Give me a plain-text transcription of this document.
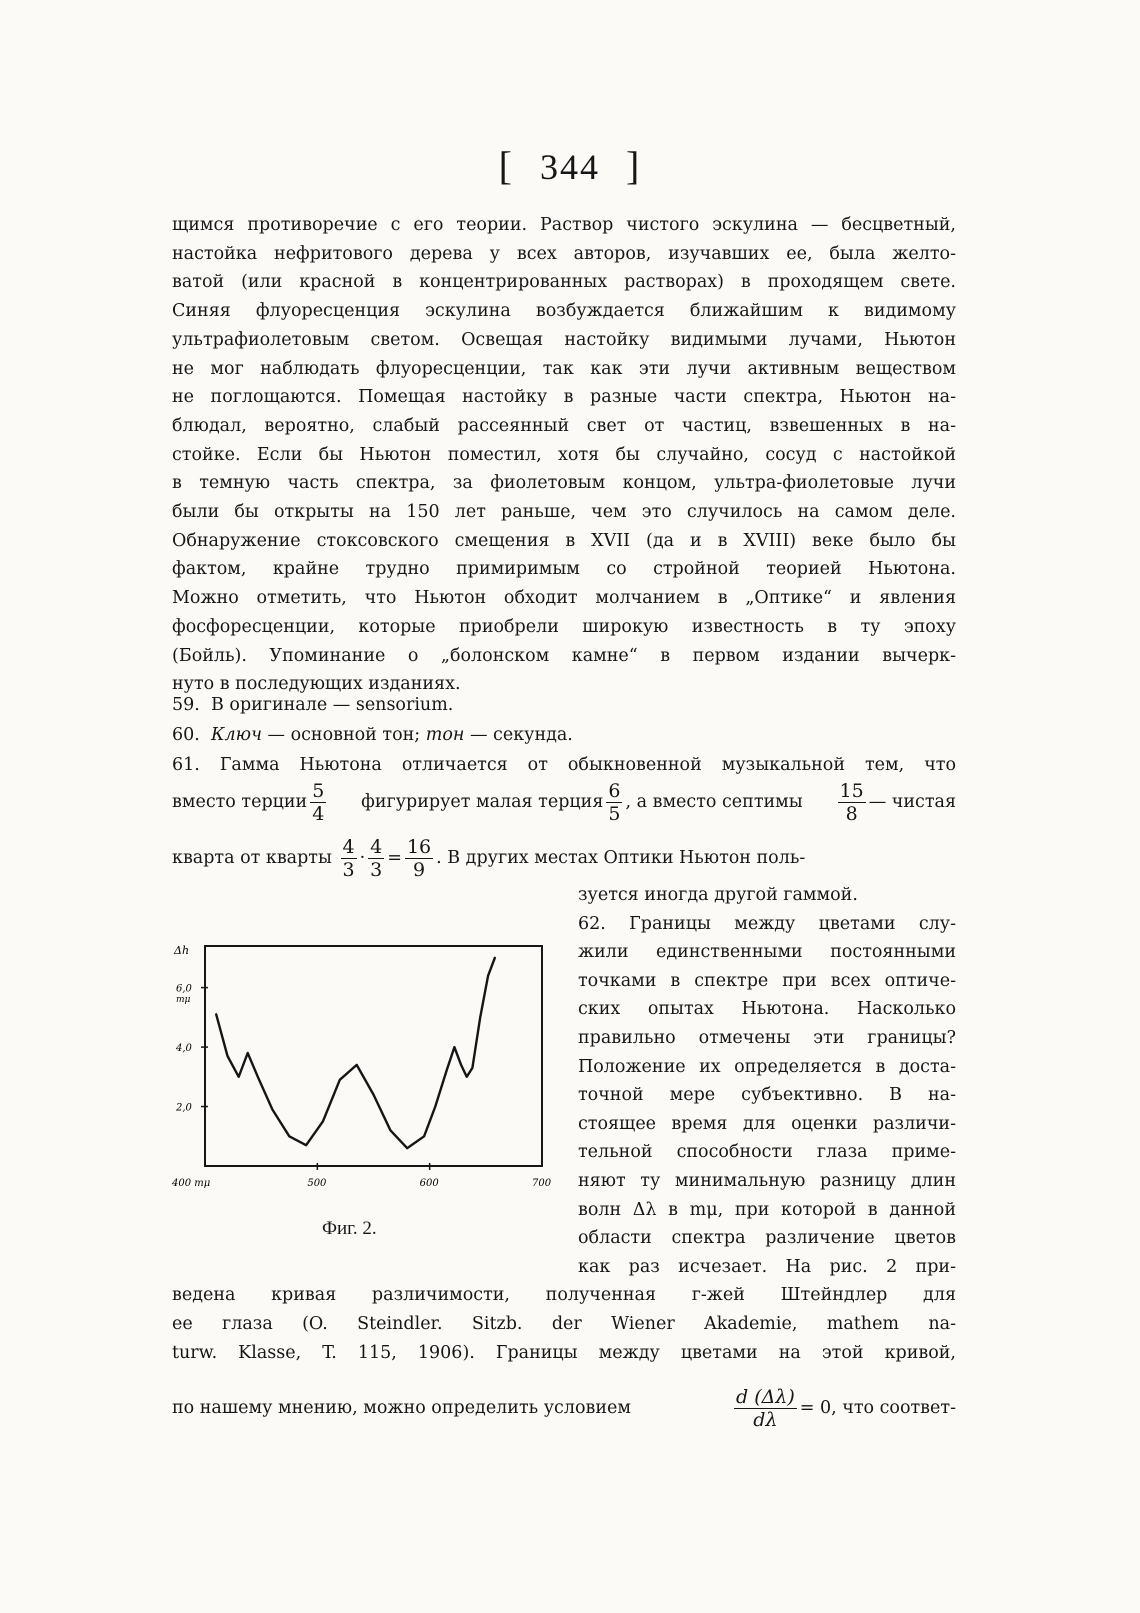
[ 344 ]
щимся противоречие с его теории. Раствор чистого эскулина — бесцветный,
настойка нефритового дерева у всех авторов, изучавших ее, была желто-
ватой (или красной в концентрированных растворах) в проходящем свете.
Синяя флуоресценция эскулина возбуждается ближайшим к видимому
ультрафиолетовым светом. Освещая настойку видимыми лучами, Ньютон
не мог наблюдать флуоресценции, так как эти лучи активным веществом
не поглощаются. Помещая настойку в разные части спектра, Ньютон на-
блюдал, вероятно, слабый рассеянный свет от частиц, взвешенных в на-
стойке. Если бы Ньютон поместил, хотя бы случайно, сосуд с настойкой
в темную часть спектра, за фиолетовым концом, ультра-фиолетовые лучи
были бы открыты на 150 лет раньше, чем это случилось на самом деле.
Обнаружение стоксовского смещения в XVII (да и в XVIII) веке было бы
фактом, крайне трудно примиримым со стройной теорией Ньютона.
Можно отметить, что Ньютон обходит молчанием в „Оптике“ и явления
фосфоресценции, которые приобрели широкую известность в ту эпоху
(Бойль). Упоминание о „болонском камне“ в первом издании вычерк-
нуто в последующих изданиях.
59. В оригинале — sensorium.
60. Ключ — основной тон; тон — секунда.
61. Гамма Ньютона отличается от обыкновенной музыкальной тем, что
вместо терции $\frac{5}{4}$ фигурирует малая терция $\frac{6}{5}$ , а вместо септимы $\frac{15}{8}$ — чистая
кварта от кварты
$\frac{4}{3} \cdot \frac{4}{3} = \frac{16}{9}$ . В других местах Оптики Ньютон поль-
зуется иногда другой гаммой.
62. Границы между цветами слу-
жили единственными постоянными
точками в спектре при всех оптиче-
ских опытах Ньютона. Насколько
правильно отмечены эти границы?
Положение их определяется в доста-
точной мере субъективно. В на-
стоящее время для оценки различи-
тельной способности глаза приме-
няют ту минимальную разницу длин
волн Δλ в mμ, при которой в данной
области спектра различение цветов
как раз исчезает. На рис. 2 при-
Δh
mμ
2,0
4,0
6,0
400 mμ	500	600	700
Фиг. 2.
ведена кривая различимости, полученная г-жей Штейндлер для
ее глаза (O. Steindler. Sitzb. der Wiener Akademie, mathem na-
turw. Klasse, T. 115, 1906). Границы между цветами на этой кривой,
по нашему мнению, можно определить условием	$\frac{d (\Delta\lambda)}{d\lambda} = 0$, что соответ-
